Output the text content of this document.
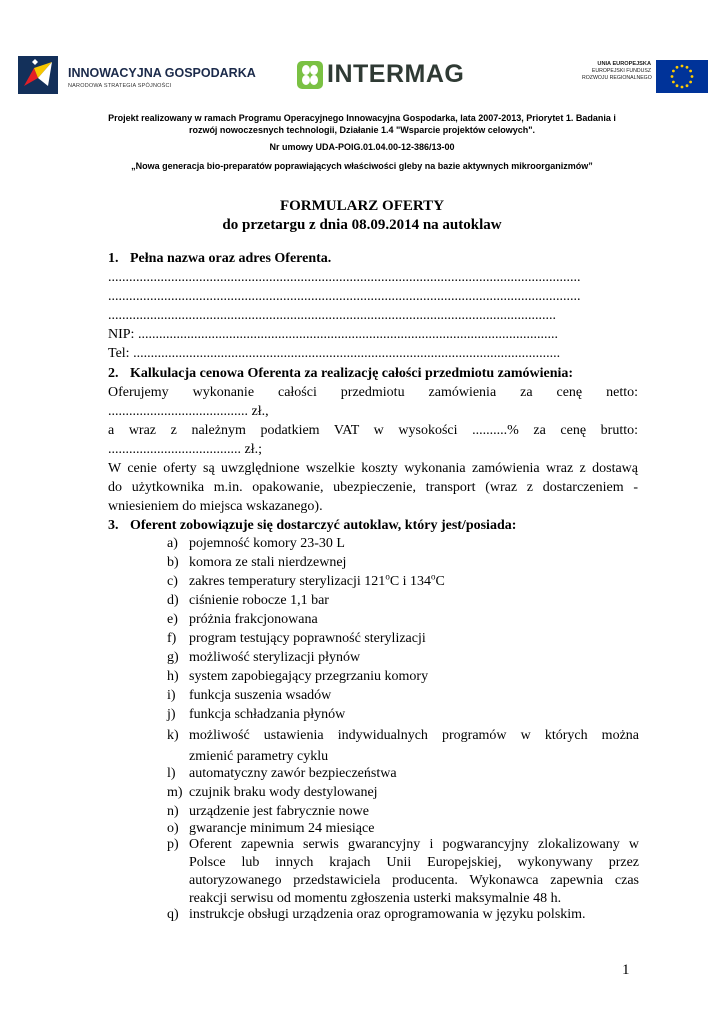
INNOWACYJNA GOSPODARKA
NARODOWA STRATEGIA SPÓJNOŚCI	INTERMAG	UNIA EUROPEJSKA
EUROPEJSKI FUNDUSZ
ROZWOJU REGIONALNEGO
Projekt realizowany w ramach Programu Operacyjnego Innowacyjna Gospodarka, lata 2007-2013, Priorytet 1. Badania i
rozwój nowoczesnych technologii, Działanie 1.4 "Wsparcie projektów celowych".
Nr umowy UDA-POIG.01.04.00-12-386/13-00
„Nowa generacja bio-preparatów poprawiających właściwości gleby na bazie aktywnych mikroorganizmów”
FORMULARZ OFERTY
do przetargu z dnia 08.09.2014 na autoklaw
1. Pełna nazwa oraz adres Oferenta.
.......................................................................................................................................
.......................................................................................................................................
................................................................................................................................
NIP: ........................................................................................................................
Tel: ..........................................................................................................................
2. Kalkulacja cenowa Oferenta za realizację całości przedmiotu zamówienia:
Oferujemy wykonanie całości przedmiotu zamówienia za cenę netto:
........................................ zł.,
a wraz z należnym podatkiem VAT w wysokości ..........% za cenę brutto:
...................................... zł.;
W cenie oferty są uwzględnione wszelkie koszty wykonania zamówienia wraz z dostawą
do użytkownika m.in. opakowanie, ubezpieczenie, transport (wraz z dostarczeniem -
wniesieniem do miejsca wskazanego).
3. Oferent zobowiązuje się dostarczyć autoklaw, który jest/posiada:
a) pojemność komory 23-30 L
b) komora ze stali nierdzewnej
c) zakres temperatury sterylizacji 121$^o$C i 134$^o$C
d) ciśnienie robocze 1,1 bar
e) próżnia frakcjonowana
f) program testujący poprawność sterylizacji
g) możliwość sterylizacji płynów
h) system zapobiegający przegrzaniu komory
i) funkcja suszenia wsadów
j) funkcja schładzania płynów
k) możliwość ustawienia indywidualnych programów w których można
zmienić parametry cyklu
l) automatyczny zawór bezpieczeństwa
m) czujnik braku wody destylowanej
n) urządzenie jest fabrycznie nowe
o) gwarancje minimum 24 miesiące
p) Oferent zapewnia serwis gwarancyjny i pogwarancyjny zlokalizowany w
Polsce lub innych krajach Unii Europejskiej, wykonywany przez
autoryzowanego przedstawiciela producenta. Wykonawca zapewnia czas
reakcji serwisu od momentu zgłoszenia usterki maksymalnie 48 h.
q) instrukcje obsługi urządzenia oraz oprogramowania w języku polskim.
1
